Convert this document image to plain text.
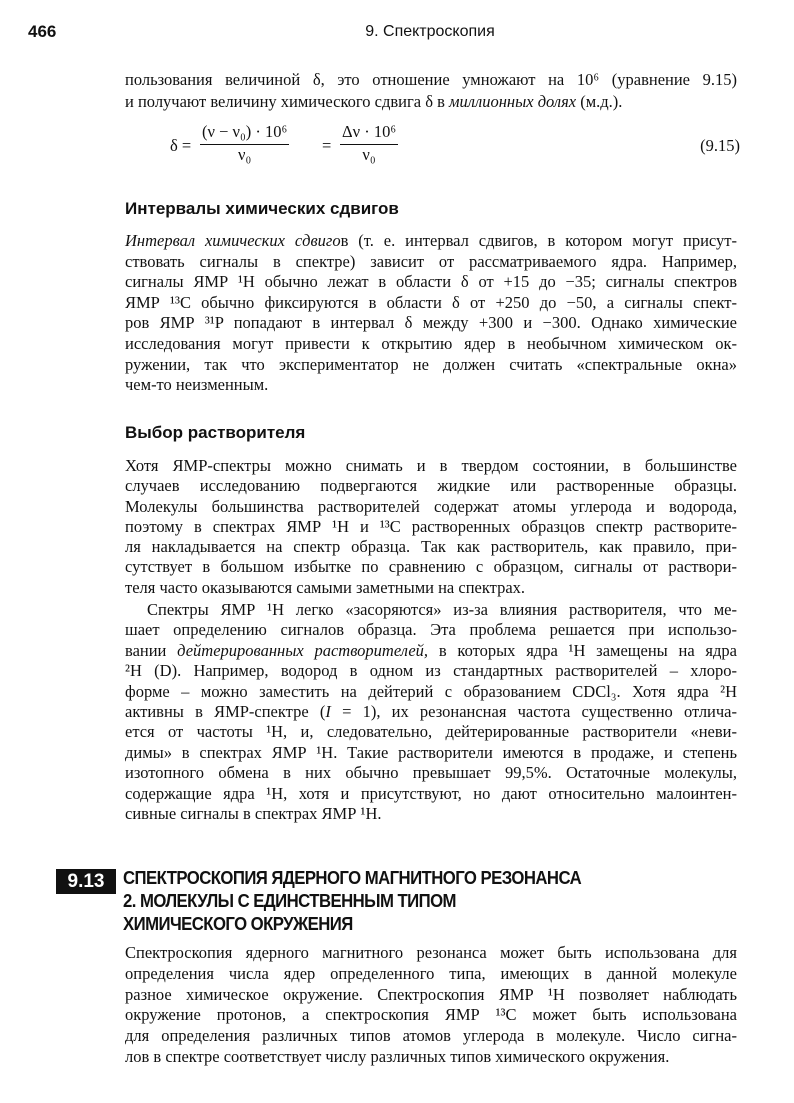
466	9. Спектроскопия
пользования величиной δ, это отношение умножают на 10⁶ (уравнение 9.15)
и получают величину химического сдвига δ в миллионных долях (м.д.).
$\delta = \frac{\text{(ν − ν₀) · 10⁶}}{\text{ν₀}} = \frac{\text{Δν · 10⁶}}{\text{ν₀}}$	(9.15)
Интервалы химических сдвигов
Интервал химических сдвигов (т. е. интервал сдвигов, в котором могут присут-
ствовать сигналы в спектре) зависит от рассматриваемого ядра. Например,
сигналы ЯМР ¹H обычно лежат в области δ от +15 до −35; сигналы спектров
ЯМР ¹³C обычно фиксируются в области δ от +250 до −50, а сигналы спект-
ров ЯМР ³¹P попадают в интервал δ между +300 и −300. Однако химические
исследования могут привести к открытию ядер в необычном химическом ок-
ружении, так что экспериментатор не должен считать «спектральные окна»
чем-то неизменным.
Выбор растворителя
Хотя ЯМР-спектры можно снимать и в твердом состоянии, в большинстве
случаев исследованию подвергаются жидкие или растворенные образцы.
Молекулы большинства растворителей содержат атомы углерода и водорода,
поэтому в спектрах ЯМР ¹H и ¹³C растворенных образцов спектр растворите-
ля накладывается на спектр образца. Так как растворитель, как правило, при-
сутствует в большом избытке по сравнению с образцом, сигналы от раствори-
теля часто оказываются самыми заметными на спектрах.
Спектры ЯМР ¹H легко «засоряются» из-за влияния растворителя, что ме-
шает определению сигналов образца. Эта проблема решается при использо-
вании дейтерированных растворителей, в которых ядра ¹H замещены на ядра
²H (D). Например, водород в одном из стандартных растворителей – хлоро-
форме – можно заместить на дейтерий с образованием CDCl₃. Хотя ядра ²H
активны в ЯМР-спектре (I = 1), их резонансная частота существенно отлича-
ется от частоты ¹H, и, следовательно, дейтерированные растворители «неви-
димы» в спектрах ЯМР ¹H. Такие растворители имеются в продаже, и степень
изотопного обмена в них обычно превышает 99,5%. Остаточные молекулы,
содержащие ядра ¹H, хотя и присутствуют, но дают относительно малоинтен-
сивные сигналы в спектрах ЯМР ¹H.
9.13	СПЕКТРОСКОПИЯ ЯДЕРНОГО МАГНИТНОГО РЕЗОНАНСА
2. МОЛЕКУЛЫ С ЕДИНСТВЕННЫМ ТИПОМ
ХИМИЧЕСКОГО ОКРУЖЕНИЯ
Спектроскопия ядерного магнитного резонанса может быть использована для
определения числа ядер определенного типа, имеющих в данной молекуле
разное химическое окружение. Спектроскопия ЯМР ¹H позволяет наблюдать
окружение протонов, а спектроскопия ЯМР ¹³C может быть использована
для определения различных типов атомов углерода в молекуле. Число сигна-
лов в спектре соответствует числу различных типов химического окружения.
